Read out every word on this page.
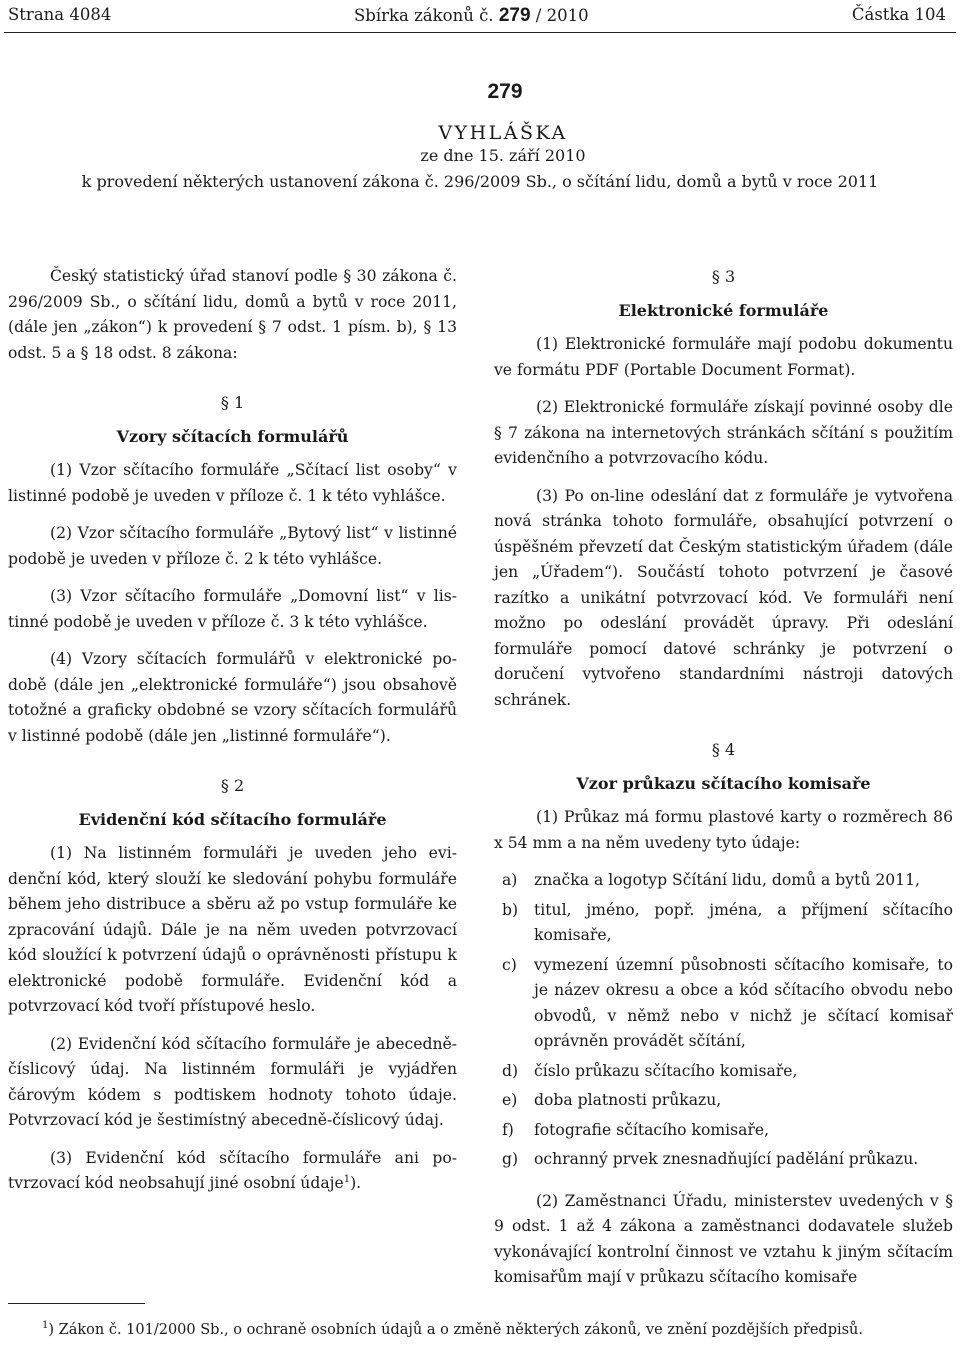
Strana 4084	Sbírka zákonů č. 279 / 2010	Částka 104
279
VYHLÁŠKA
ze dne 15. září 2010
k provedení některých ustanovení zákona č. 296/2009 Sb., o sčítání lidu, domů a bytů v roce 2011

Český statistický úřad stanoví podle § 30 zákona č. 296/2009 Sb., o sčítání lidu, domů a bytů v roce 2011, (dále jen „zákon“) k provedení § 7 odst. 1 písm. b), § 13 odst. 5 a § 18 odst. 8 zákona:

§ 1
Vzory sčítacích formulářů

(1) Vzor sčítacího formuláře „Sčítací list osoby“ v listinné podobě je uveden v příloze č. 1 k této vyhlášce.

(2) Vzor sčítacího formuláře „Bytový list“ v listinné podobě je uveden v příloze č. 2 k této vyhlášce.

(3) Vzor sčítacího formuláře „Domovní list“ v listinné podobě je uveden v příloze č. 3 k této vyhlášce.

(4) Vzory sčítacích formulářů v elektronické podobě (dále jen „elektronické formuláře“) jsou obsahově totožné a graficky obdobné se vzory sčítacích formulářů v listinné podobě (dále jen „listinné formuláře“).

§ 2
Evidenční kód sčítacího formuláře

(1) Na listinném formuláři je uveden jeho evidenční kód, který slouží ke sledování pohybu formuláře během jeho distribuce a sběru až po vstup formuláře ke zpracování údajů. Dále je na něm uveden potvrzovací kód sloužící k potvrzení údajů o oprávněnosti přístupu k elektronické podobě formuláře. Evidenční kód a potvrzovací kód tvoří přístupové heslo.

(2) Evidenční kód sčítacího formuláře je abecedně-číslicový údaj. Na listinném formuláři je vyjádřen čárovým kódem s podtiskem hodnoty tohoto údaje. Potvrzovací kód je šestimístný abecedně-číslicový údaj.

(3) Evidenční kód sčítacího formuláře ani potvrzovací kód neobsahují jiné osobní údaje$^1$).

§ 3
Elektronické formuláře

(1) Elektronické formuláře mají podobu dokumentu ve formátu PDF (Portable Document Format).

(2) Elektronické formuláře získají povinné osoby dle § 7 zákona na internetových stránkách sčítání s použitím evidenčního a potvrzovacího kódu.

(3) Po on-line odeslání dat z formuláře je vytvořena nová stránka tohoto formuláře, obsahující potvrzení o úspěšném převzetí dat Českým statistickým úřadem (dále jen „Úřadem“). Součástí tohoto potvrzení je časové razítko a unikátní potvrzovací kód. Ve formuláři není možno po odeslání provádět úpravy. Při odeslání formuláře pomocí datové schránky je potvrzení o doručení vytvořeno standardními nástroji datových schránek.

§ 4
Vzor průkazu sčítacího komisaře

(1) Průkaz má formu plastové karty o rozměrech 86 x 54 mm a na něm uvedeny tyto údaje:

a) značka a logotyp Sčítání lidu, domů a bytů 2011,
b) titul, jméno, popř. jména, a příjmení sčítacího komisaře,
c) vymezení územní působnosti sčítacího komisaře, to je název okresu a obce a kód sčítacího obvodu nebo obvodů, v němž nebo v nichž je sčítací komisař oprávněn provádět sčítání,
d) číslo průkazu sčítacího komisaře,
e) doba platnosti průkazu,
f) fotografie sčítacího komisaře,
g) ochranný prvek znesnadňující padělání průkazu.

(2) Zaměstnanci Úřadu, ministerstev uvedených v § 9 odst. 1 až 4 zákona a zaměstnanci dodavatele služeb vykonávající kontrolní činnost ve vztahu k jiným sčítacím komisařům mají v průkazu sčítacího komisaře

$^1$) Zákon č. 101/2000 Sb., o ochraně osobních údajů a o změně některých zákonů, ve znění pozdějších předpisů.
